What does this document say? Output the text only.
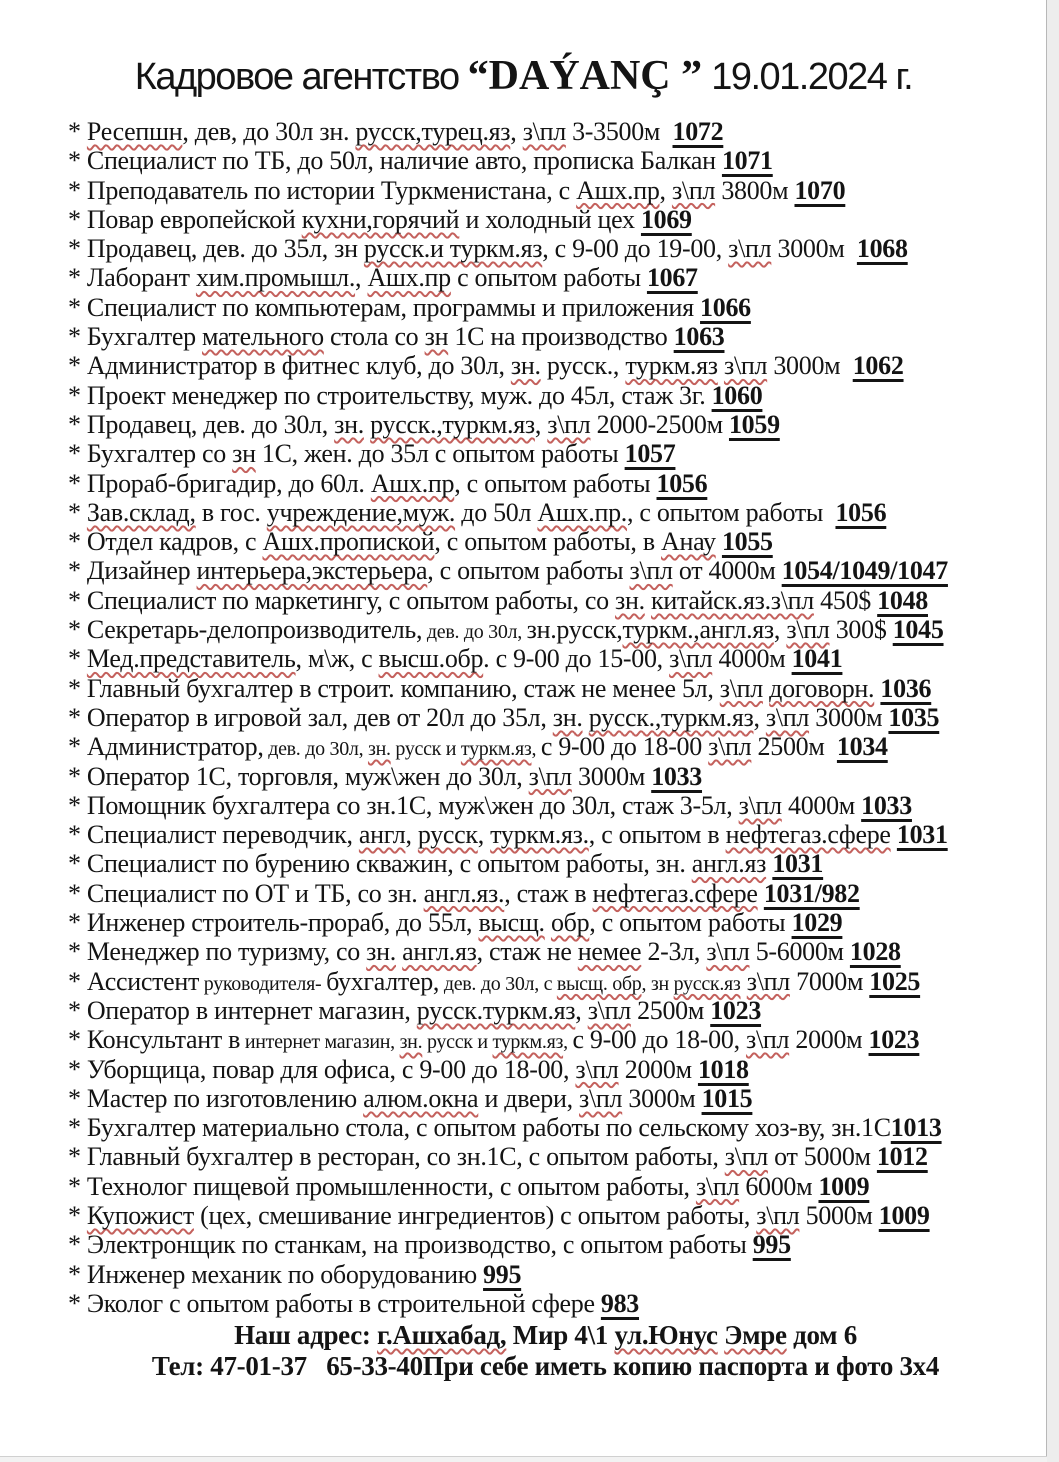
Кадровое агентство “DAÝANÇ ” 19.01.2024 г.
* Ресепшн, дев, до 30л зн. русск,турец.яз, з\пл 3-3500м  1072
* Специалист по ТБ, до 50л, наличие авто, прописка Балкан 1071
* Преподаватель по истории Туркменистана, с Ашх.пр, з\пл 3800м 1070
* Повар европейской кухни,горячий и холодный цех 1069
* Продавец, дев. до 35л, зн русск.и туркм.яз, с 9-00 до 19-00, з\пл 3000м  1068
* Лаборант хим.промышл., Ашх.пр с опытом работы 1067
* Специалист по компьютерам, программы и приложения 1066
* Бухгалтер мательного стола со зн 1С на производство 1063
* Администратор в фитнес клуб, до 30л, зн. русск., туркм.яз з\пл 3000м  1062
* Проект менеджер по строительству, муж. до 45л, стаж 3г. 1060
* Продавец, дев. до 30л, зн. русск.,туркм.яз, з\пл 2000-2500м 1059
* Бухгалтер со зн 1С, жен. до 35л с опытом работы 1057
* Прораб-бригадир, до 60л. Ашх.пр, с опытом работы 1056
* Зав.склад, в гос. учреждение,муж. до 50л Ашх.пр., с опытом работы  1056
* Отдел кадров, с Ашх.пропиской, с опытом работы, в Анау 1055
* Дизайнер интерьера,экстерьера, с опытом работы з\пл от 4000м 1054/1049/1047
* Специалист по маркетингу, с опытом работы, со зн. китайск.яз.з\пл 450$ 1048
* Секретарь-делопроизводитель, дев. до 30л, зн.русск,туркм.,англ.яз, з\пл 300$ 1045
* Мед.представитель, м\ж, с высш.обр. с 9-00 до 15-00, з\пл 4000м 1041
* Главный бухгалтер в строит. компанию, стаж не менее 5л, з\пл договорн. 1036
* Оператор в игровой зал, дев от 20л до 35л, зн. русск.,туркм.яз, з\пл 3000м 1035
* Администратор, дев. до 30л, зн. русск и туркм.яз, с 9-00 до 18-00 з\пл 2500м  1034
* Оператор 1С, торговля, муж\жен до 30л, з\пл 3000м 1033
* Помощник бухгалтера со зн.1С, муж\жен до 30л, стаж 3-5л, з\пл 4000м 1033
* Специалист переводчик, англ, русск, туркм.яз., с опытом в нефтегаз.сфере 1031
* Специалист по бурению скважин, с опытом работы, зн. англ.яз 1031
* Специалист по ОТ и ТБ, со зн. англ.яз., стаж в нефтегаз.сфере 1031/982
* Инженер строитель-прораб, до 55л, высщ. обр, с опытом работы 1029
* Менеджер по туризму, со зн. англ.яз, стаж не немее 2-3л, з\пл 5-6000м 1028
* Ассистент руководителя- бухгалтер, дев. до 30л, с высщ. обр, зн русск.яз з\пл 7000м 1025
* Оператор в интернет магазин, русск.туркм.яз, з\пл 2500м 1023
* Консультант в интернет магазин, зн. русск и туркм.яз, с 9-00 до 18-00, з\пл 2000м 1023
* Уборщица, повар для офиса, с 9-00 до 18-00, з\пл 2000м 1018
* Мастер по изготовлению алюм.окна и двери, з\пл 3000м 1015
* Бухгалтер материально стола, с опытом работы по сельскому хоз-ву, зн.1С1013
* Главный бухгалтер в ресторан, со зн.1С, с опытом работы, з\пл от 5000м 1012
* Технолог пищевой промышленности, с опытом работы, з\пл 6000м 1009
* Купожист (цех, смешивание ингредиентов) с опытом работы, з\пл 5000м 1009
* Электронщик по станкам, на производство, с опытом работы 995
* Инженер механик по оборудованию 995
* Эколог с опытом работы в строительной сфере 983
Наш адрес: г.Ашхабад, Мир 4\1 ул.Юнус Эмре дом 6
Тел: 47-01-37   65-33-40При себе иметь копию паспорта и фото 3х4
